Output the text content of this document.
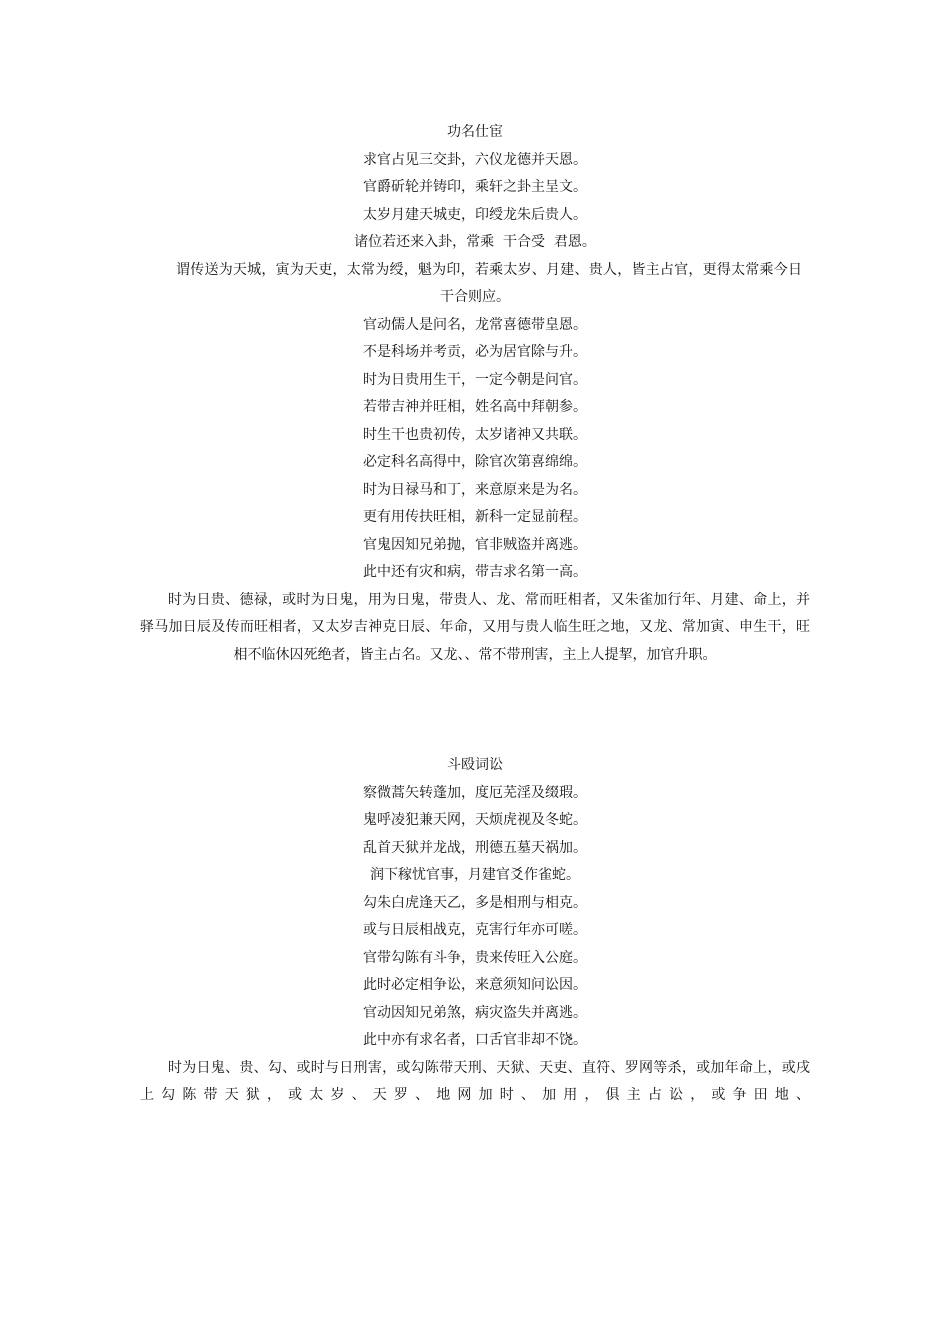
功名仕宦
求官占见三交卦，六仪龙德并天恩。
官爵斫轮并铸印，乘轩之卦主呈文。
太岁月建天城吏，印绶龙朱后贵人。
诸位若还来入卦，常乘  干合受  君恩。

谓传送为天城，寅为天吏，太常为绶，魁为印，若乘太岁、月建、贵人，皆主占官，更得太常乘今日干合则应。

官动儒人是问名，龙常喜德带皇恩。
不是科场并考贡，必为居官除与升。
时为日贵用生干，一定今朝是问官。
若带吉神并旺相，姓名高中拜朝参。
时生干也贵初传，太岁诸神又共联。
必定科名高得中，除官次第喜绵绵。
时为日禄马和丁，来意原来是为名。
更有用传扶旺相，新科一定显前程。
官鬼因知兄弟抛，官非贼盗并离逃。
此中还有灾和病，带吉求名第一高。

时为日贵、德禄，或时为日鬼，用为日鬼，带贵人、龙、常而旺相者，又朱雀加行年、月建、命上，并驿马加日辰及传而旺相者，又太岁吉神克日辰、年命，又用与贵人临生旺之地，又龙、常加寅、申生干，旺相不临休囚死绝者，皆主占名。又龙、、常不带刑害，主上人提挈，加官升职。

斗殴词讼
察微蒿矢转蓬加，度厄芜淫及缀瑕。
鬼呼凌犯兼天网，天烦虎视及冬蛇。
乱首天狱并龙战，刑德五墓天祸加。
润下稼忧官事，月建官爻作雀蛇。
勾朱白虎逢天乙，多是相刑与相克。
或与日辰相战克，克害行年亦可嗟。
官带勾陈有斗争，贵来传旺入公庭。
此时必定相争讼，来意须知问讼因。
官动因知兄弟煞，病灾盗失并离逃。
此中亦有求名者，口舌官非却不饶。

时为日鬼、贵、勾、或时与日刑害，或勾陈带天刑、天狱、天吏、直符、罗网等杀，或加年命上，或戌上勾陈带天狱，或太岁、天罗、地网加时、加用，俱主占讼，或争田地、
